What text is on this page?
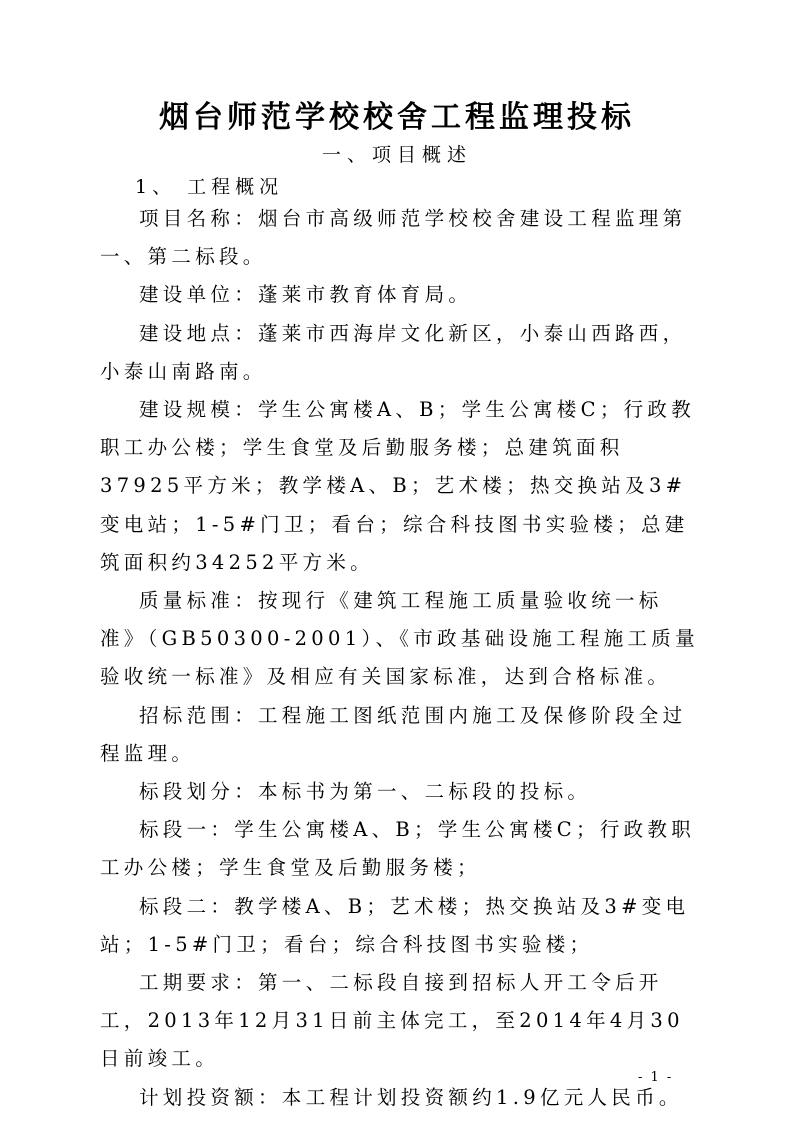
烟台师范学校校舍工程监理投标
一、项目概述
1、 工程概况

项目名称：烟台市高级师范学校校舍建设工程监理第一、第二标段。

建设单位：蓬莱市教育体育局。

建设地点：蓬莱市西海岸文化新区，小泰山西路西，小泰山南路南。

建设规模：学生公寓楼A、B；学生公寓楼C；行政教职工办公楼；学生食堂及后勤服务楼；总建筑面积37925平方米；教学楼A、B；艺术楼；热交换站及3#变电站；1-5#门卫；看台；综合科技图书实验楼；总建筑面积约34252平方米。

质量标准：按现行《建筑工程施工质量验收统一标准》（GB50300-2001）、《市政基础设施工程施工质量验收统一标准》及相应有关国家标准，达到合格标准。

招标范围：工程施工图纸范围内施工及保修阶段全过程监理。

标段划分：本标书为第一、二标段的投标。

标段一：学生公寓楼A、B；学生公寓楼C；行政教职工办公楼；学生食堂及后勤服务楼；

标段二：教学楼A、B；艺术楼；热交换站及3#变电站；1-5#门卫；看台；综合科技图书实验楼；

工期要求：第一、二标段自接到招标人开工令后开工，2013年12月31日前主体完工，至2014年4月30日前竣工。

计划投资额：本工程计划投资额约1.9亿元人民币。

- 1 -
